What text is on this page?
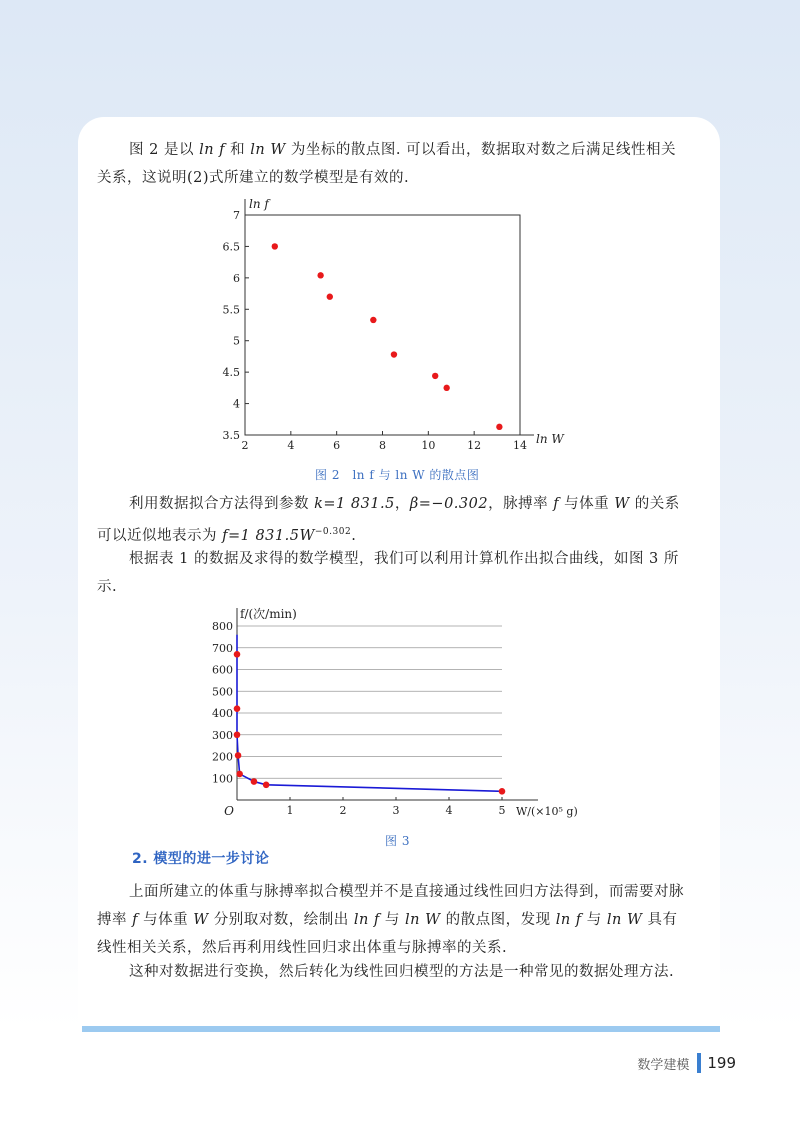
图 2 是以 ln f 和 ln W 为坐标的散点图. 可以看出，数据取对数之后满足线性相关关系，这说明(2)式所建立的数学模型是有效的.

2	4	6	8	10	12	14
3.5
4
4.5
5
5.5
6
6.5
7
ln f
ln W
图 2　ln f 与 ln W 的散点图

利用数据拟合方法得到参数 k=1 831.5，β=−0.302，脉搏率 f 与体重 W 的关系可以近似地表示为 f=1 $831.5W^{-0.302}$.

根据表 1 的数据及求得的数学模型，我们可以利用计算机作出拟合曲线，如图 3 所示.

100
200
300
400
500
600
700
800
1	2	3	4	5
O
f/(次/min)
W/(×10⁵ g)
图 3
2. 模型的进一步讨论

上面所建立的体重与脉搏率拟合模型并不是直接通过线性回归方法得到，而需要对脉搏率 f 与体重 W 分别取对数，绘制出 ln f 与 ln W 的散点图，发现 ln f 与 ln W 具有线性相关关系，然后再利用线性回归求出体重与脉搏率的关系.

这种对数据进行变换，然后转化为线性回归模型的方法是一种常见的数据处理方法.

数学建模 199
